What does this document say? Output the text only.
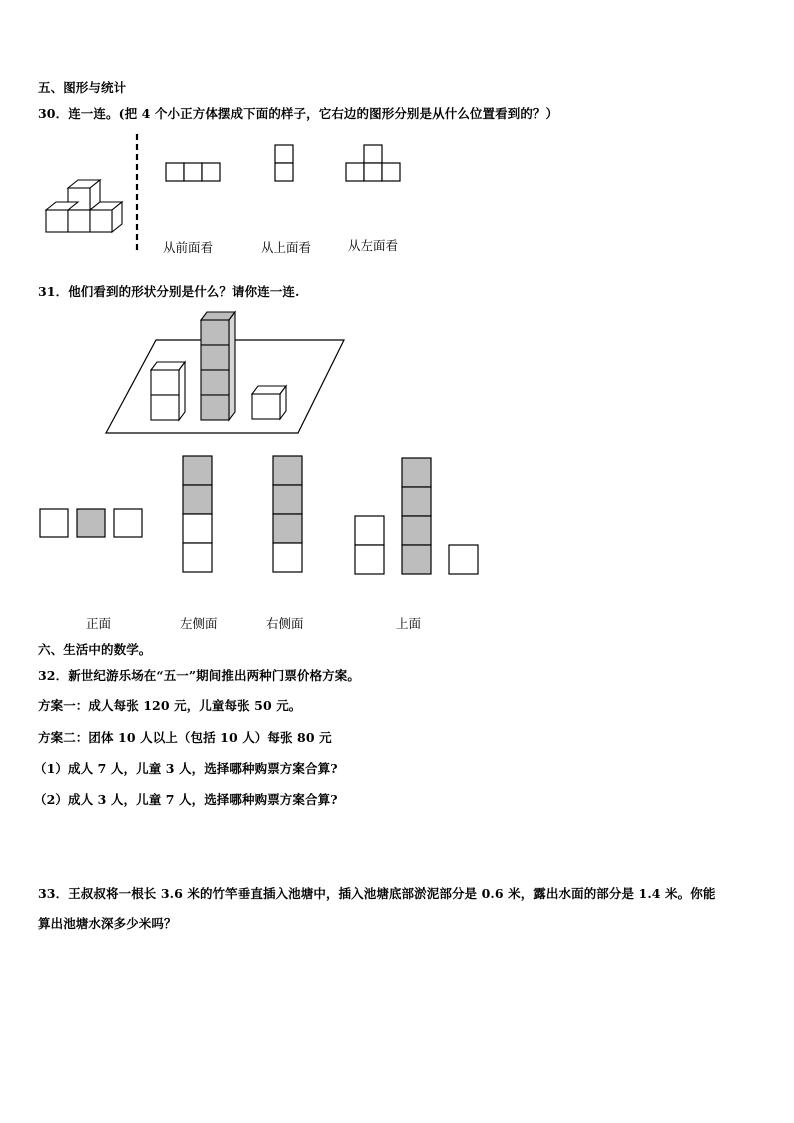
五、图形与统计
30．连一连。(把 4 个小正方体摆成下面的样子，它右边的图形分别是从什么位置看到的？）
从前面看	从上面看	从左面看
31．他们看到的形状分别是什么？请你连一连.
正面	左侧面	右侧面	上面
六、生活中的数学。
32．新世纪游乐场在“五一”期间推出两种门票价格方案。
方案一：成人每张 120 元，儿童每张 50 元。
方案二：团体 10 人以上（包括 10 人）每张 80 元
（1）成人 7 人，儿童 3 人，选择哪种购票方案合算?
（2）成人 3 人，儿童 7 人，选择哪种购票方案合算?
33．王叔叔将一根长 3.6 米的竹竿垂直插入池塘中，插入池塘底部淤泥部分是 0.6 米，露出水面的部分是 1.4 米。你能
算出池塘水深多少米吗？
